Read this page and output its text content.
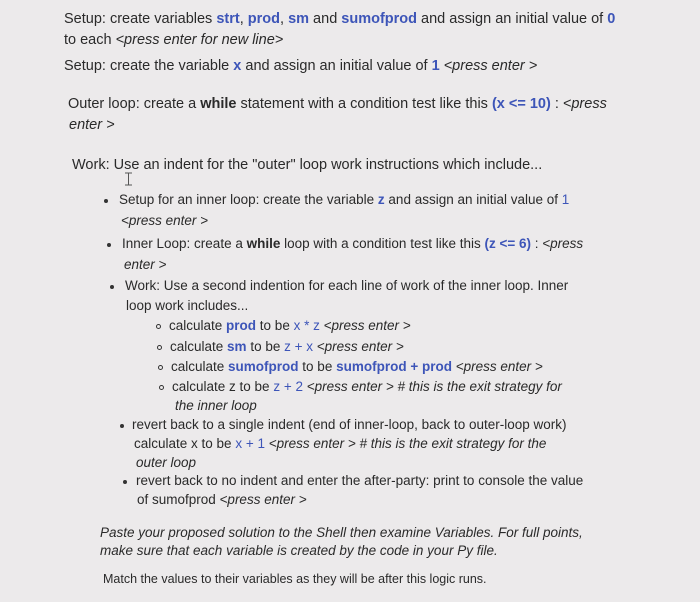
Setup: create variables strt, prod, sm and sumofprod and assign an initial value of 0
to each <press enter for new line>
Setup: create the variable x and assign an initial value of 1 <press enter >
Outer loop: create a while statement with a condition test like this (x <= 10) : <press
enter >
Work: Use an indent for the "outer" loop work instructions which include...
Setup for an inner loop: create the variable z and assign an initial value of 1
<press enter >
Inner Loop: create a while loop with a condition test like this (z <= 6) : <press
enter >
Work: Use a second indention for each line of work of the inner loop. Inner
loop work includes...
calculate prod to be x * z <press enter >
calculate sm to be z + x <press enter >
calculate sumofprod to be sumofprod + prod <press enter >
calculate z to be z + 2 <press enter > # this is the exit strategy for
the inner loop
revert back to a single indent (end of inner-loop, back to outer-loop work)
calculate x to be x + 1 <press enter > # this is the exit strategy for the
outer loop
revert back to no indent and enter the after-party: print to console the value
of sumofprod <press enter >
Paste your proposed solution to the Shell then examine Variables. For full points,
make sure that each variable is created by the code in your Py file.
Match the values to their variables as they will be after this logic runs.
